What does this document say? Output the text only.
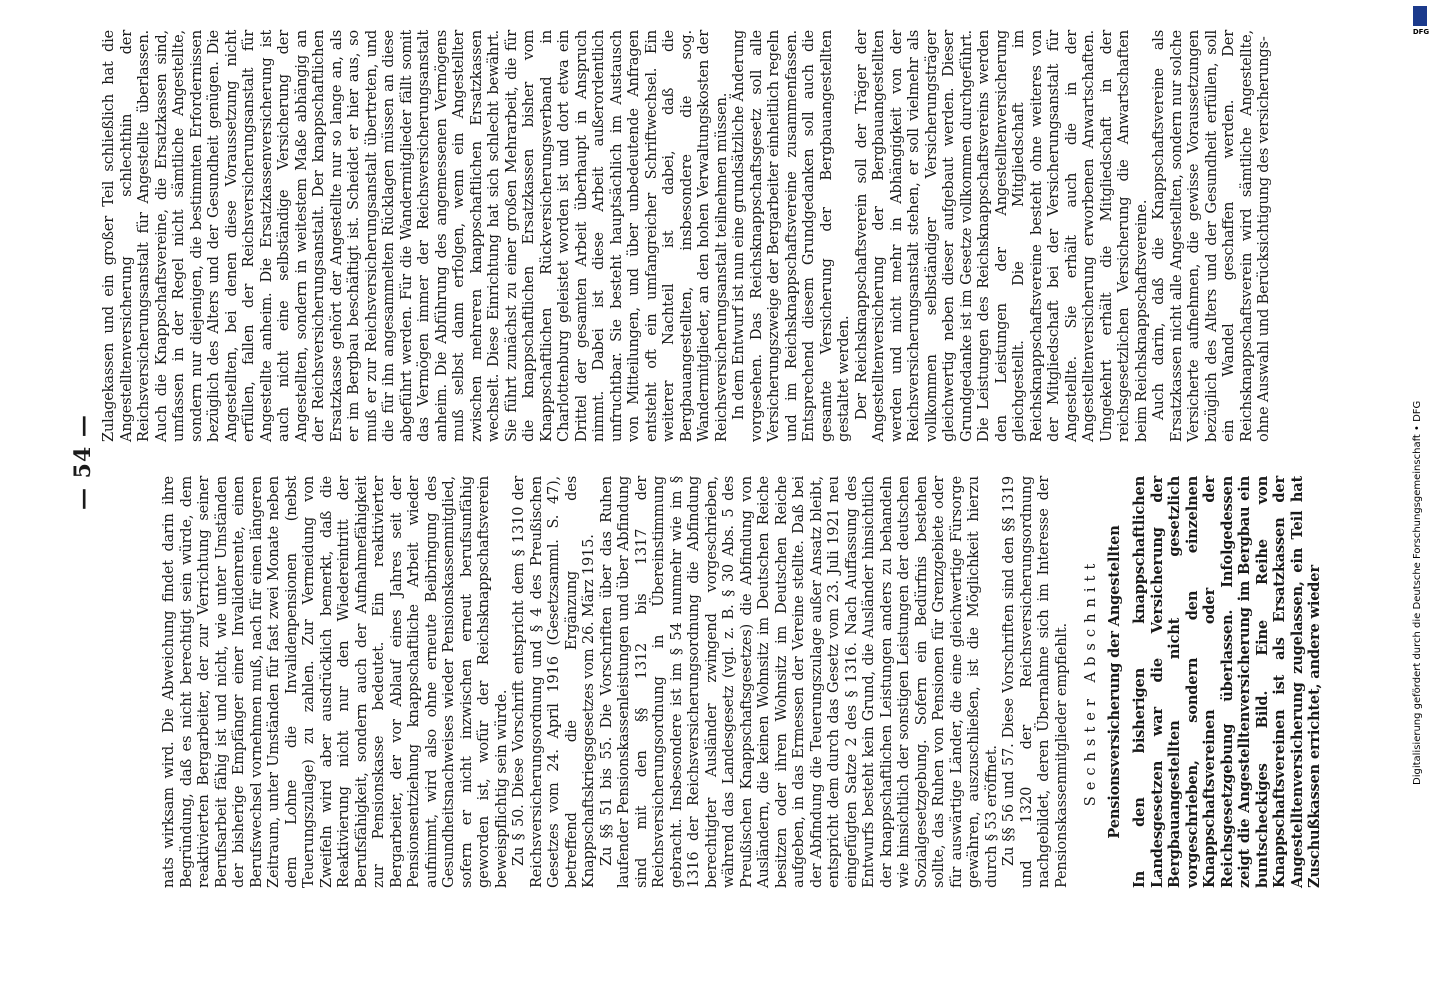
— 54 —

nats wirksam wird. Die Abweichung findet darin ihre Begründung, daß es nicht berechtigt sein würde, dem reaktivierten Bergarbeiter, der zur Verrichtung seiner Berufsarbeit fähig ist und nicht, wie unter Umständen der bisherige Empfänger einer Invalidenrente, einen Berufswechsel vornehmen muß, nach für einen längeren Zeitraum, unter Umständen für fast zwei Monate neben dem Lohne die Invalidenpensionen (nebst Teuerungszulage) zu zahlen. Zur Vermeidung von Zweifeln wird aber ausdrücklich bemerkt, daß die Reaktivierung nicht nur den Wiedereintritt der Berufsfähigkeit, sondern auch der Aufnahmefähigkeit zur Pensionskasse bedeutet. Ein reaktivierter Bergarbeiter, der vor Ablauf eines Jahres seit der Pensionsentziehung knappschaftliche Arbeit wieder aufnimmt, wird also ohne erneute Beibringung des Gesundheitsnachweises wieder Pensionskassenmitglied, sofern er nicht inzwischen erneut berufsunfähig geworden ist, wofür der Reichsknappschaftsverein beweispflichtig sein würde. Zu § 50. Diese Vorschrift entspricht dem § 1310 der Reichsversicherungsordnung und § 4 des Preußischen Gesetzes vom 24. April 1916 (Gesetzsamml. S. 47), betreffend die Ergänzung des Knappschaftskriegsgesetzes vom 26. März 1915. Zu §§ 51 bis 55. Die Vorschriften über das Ruhen laufender Pensionskassenleistungen und über Abfindung sind mit den §§ 1312 bis 1317 der Reichsversicherungsordnung in Übereinstimmung gebracht. Insbesondere ist im § 54 nunmehr wie im § 1316 der Reichsversicherungsordnung die Abfindung berechtigter Ausländer zwingend vorgeschrieben, während das Landesgesetz (vgl. z. B. § 30 Abs. 5 des Preußischen Knappschaftsgesetzes) die Abfindung von Ausländern, die keinen Wohnsitz im Deutschen Reiche besitzen oder ihren Wohnsitz im Deutschen Reiche aufgeben, in das Ermessen der Vereine stellte. Daß bei der Abfindung die Teuerungszulage außer Ansatz bleibt, entspricht dem durch das Gesetz vom 23. Juli 1921 neu eingefügten Satze 2 des § 1316. Nach Auffassung des Entwurfs besteht kein Grund, die Ausländer hinsichtlich der knappschaftlichen Leistungen anders zu behandeln wie hinsichtlich der sonstigen Leistungen der deutschen Sozialgesetzgebung. Sofern ein Bedürfnis bestehen sollte, das Ruhen von Pensionen für Grenzgebiete oder für auswärtige Länder, die eine gleichwertige Fürsorge gewähren, auszuschließen, ist die Möglichkeit hierzu durch § 53 eröffnet. Zu §§ 56 und 57. Diese Vorschriften sind den §§ 1319 und 1320 der Reichsversicherungsordnung nachgebildet, deren Übernahme sich im Interesse der Pensionskassenmitglieder empfiehlt. Sechster Abschnitt Pensionsversicherung der Angestellten In den bisherigen knappschaftlichen Landesgesetzen war die Versicherung der Bergbauangestellten nicht gesetzlich vorgeschrieben, sondern den einzelnen Knappschaftsvereinen oder der Reichsgesetzgebung überlassen. Infolgedessen zeigt die Angestelltenversicherung im Bergbau ein buntscheckiges Bild. Eine Reihe von Knappschaftsvereinen ist als Ersatzkassen der Angestelltenversicherung zugelassen, ein Teil hat Zuschußkassen errichtet, andere wieder

Zulagekassen und ein großer Teil schließlich hat die Angestelltenversicherung schlechthin der Reichsversicherungsanstalt für Angestellte überlassen. Auch die Knappschaftsvereine, die Ersatzkassen sind, umfassen in der Regel nicht sämtliche Angestellte, sondern nur diejenigen, die bestimmten Erfordernissen bezüglich des Alters und der Gesundheit genügen. Die Angestellten, bei denen diese Voraussetzung nicht erfüllen, fallen der Reichsversicherungsanstalt für Angestellte anheim. Die Ersatzkassenversicherung ist auch nicht eine selbständige Versicherung der Angestellten, sondern in weitestem Maße abhängig an der Reichsversicherungsanstalt. Der knappschaftlichen Ersatzkasse gehört der Angestellte nur so lange an, als er im Bergbau beschäftigt ist. Scheidet er hier aus, so muß er zur Reichsversicherungsanstalt übertreten, und die für ihn angesammelten Rücklagen müssen an diese abgeführt werden. Für die Wandermitglieder fällt somit das Vermögen immer der Reichsversicherungsanstalt anheim. Die Abführung des angemessenen Vermögens muß selbst dann erfolgen, wenn ein Angestellter zwischen mehreren knappschaftlichen Ersatzkassen wechselt. Diese Einrichtung hat sich schlecht bewährt. Sie führt zunächst zu einer großen Mehrarbeit, die für die knappschaftlichen Ersatzkassen bisher vom Knappschaftlichen Rückversicherungsverband in Charlottenburg geleistet worden ist und dort etwa ein Drittel der gesamten Arbeit überhaupt in Anspruch nimmt. Dabei ist diese Arbeit außerordentlich unfruchtbar. Sie besteht hauptsächlich im Austausch von Mitteilungen, und über unbedeutende Anfragen entsteht oft ein umfangreicher Schriftwechsel. Ein weiterer Nachteil ist dabei, daß die Bergbauangestellten, insbesondere die sog. Wandermitglieder, an den hohen Verwaltungskosten der Reichsversicherungsanstalt teilnehmen müssen. In dem Entwurf ist nun eine grundsätzliche Änderung vorgesehen. Das Reichsknappschaftsgesetz soll alle Versicherungszweige der Bergarbeiter einheitlich regeln und im Reichsknappschaftsvereine zusammenfassen. Entsprechend diesem Grundgedanken soll auch die gesamte Versicherung der Bergbauangestellten gestaltet werden. Der Reichsknappschaftsverein soll der Träger der Angestelltenversicherung der Bergbauangestellten werden und nicht mehr in Abhängigkeit von der Reichsversicherungsanstalt stehen, er soll vielmehr als vollkommen selbständiger Versicherungsträger gleichwertig neben dieser aufgebaut werden. Dieser Grundgedanke ist im Gesetze vollkommen durchgeführt. Die Leistungen des Reichsknappschaftsvereins werden den Leistungen der Angestelltenversicherung gleichgestellt. Die Mitgliedschaft im Reichsknappschaftsvereine besteht ohne weiteres von der Mitgliedschaft bei der Versicherungsanstalt für Angestellte. Sie erhält auch die in der Angestelltenversicherung erworbenen Anwartschaften. Umgekehrt erhält die Mitgliedschaft in der reichsgesetzlichen Versicherung die Anwartschaften beim Reichsknappschaftsvereine. Auch darin, daß die Knappschaftsvereine als Ersatzkassen nicht alle Angestellten, sondern nur solche Versicherte aufnehmen, die gewisse Voraussetzungen bezüglich des Alters und der Gesundheit erfüllen, soll ein Wandel geschaffen werden. Der Reichsknappschaftsverein wird sämtliche Angestellte, ohne Auswahl und Berücksichtigung des versicherungs-

DFG
Digitalisierung gefördert durch die Deutsche Forschungsgemeinschaft • DFG
